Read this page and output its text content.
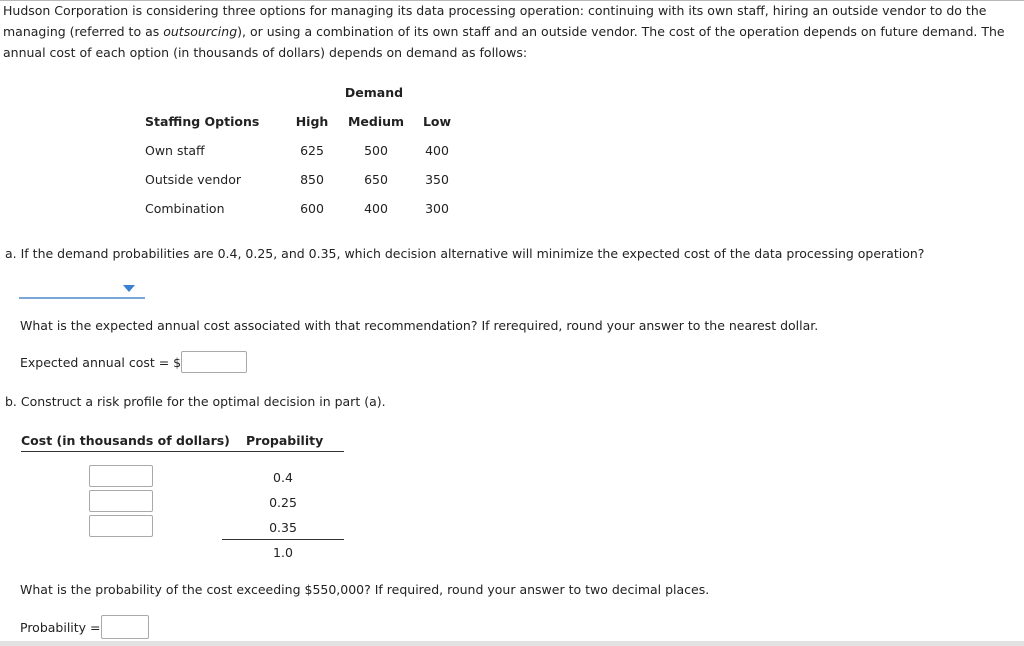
Hudson Corporation is considering three options for managing its data processing operation: continuing with its own staff, hiring an outside vendor to do the managing (referred to as outsourcing), or using a combination of its own staff and an outside vendor. The cost of the operation depends on future demand. The annual cost of each option (in thousands of dollars) depends on demand as follows:

Demand
Staffing Options	High Medium Low
Own staff	625	500	400
Outside vendor	850	650	350
Combination	600	400	300
a. If the demand probabilities are 0.4, 0.25, and 0.35, which decision alternative will minimize the expected cost of the data processing operation?
What is the expected annual cost associated with that recommendation? If rerequired, round your answer to the nearest dollar.
Expected annual cost = $
b. Construct a risk profile for the optimal decision in part (a).
Cost (in thousands of dollars) Propability
0.4
0.25
0.35
1.0
What is the probability of the cost exceeding $550,000? If required, round your answer to two decimal places.
Probability =
